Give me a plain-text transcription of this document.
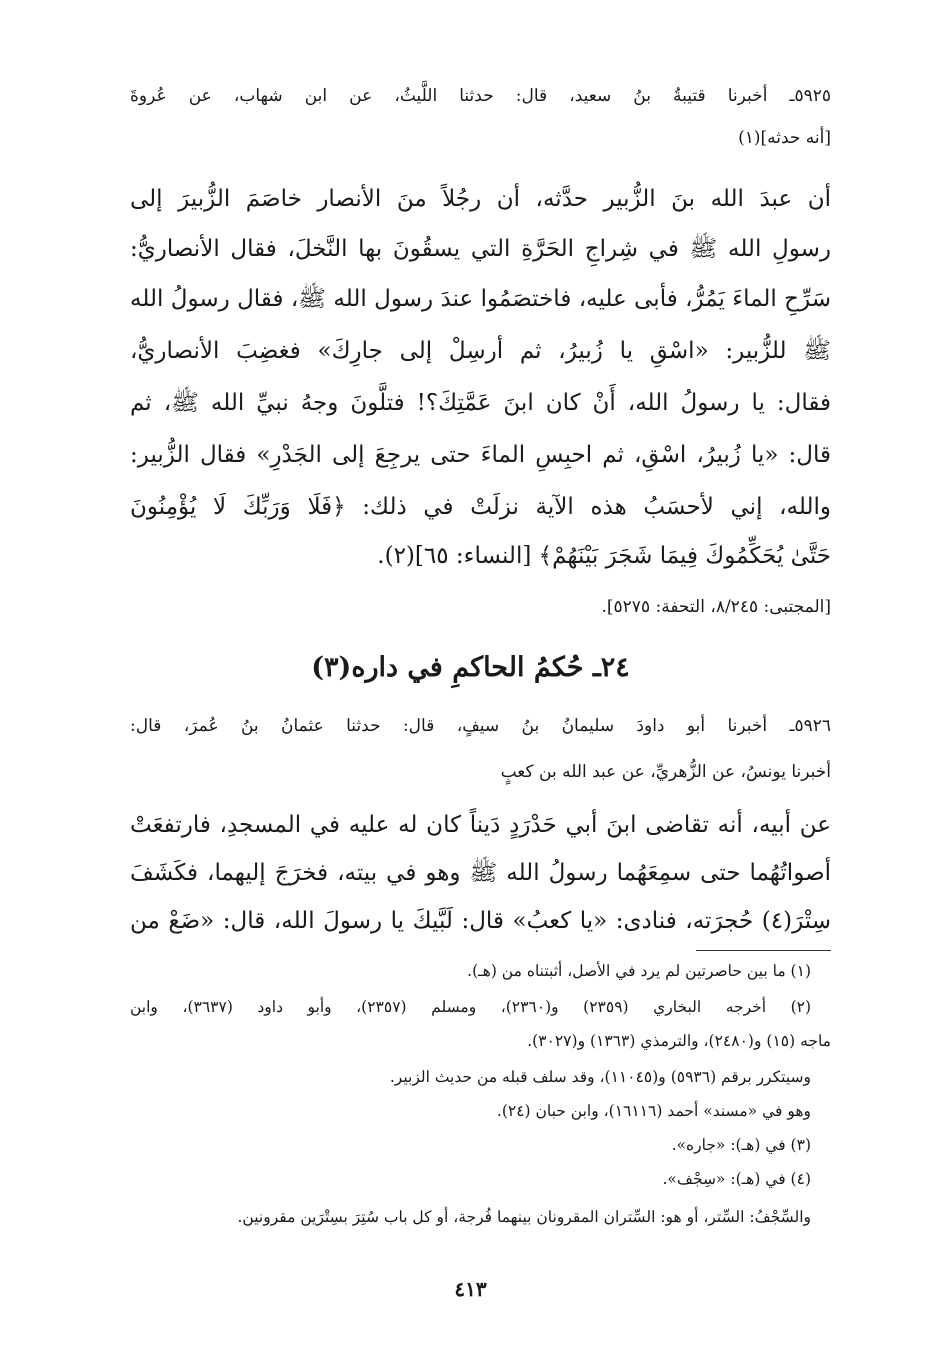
٥٩٢٥ـ أخبرنا قتيبةُ بنُ سعيد، قال: حدثنا اللَّيثُ، عن ابن شهاب، عن عُروةَ
[أنه حدثه](١)
أن عبدَ الله بنَ الزُّبير حدَّثه، أن رجُلاً منَ الأنصار خاصَمَ الزُّبيرَ إلى
رسولِ الله ﷺ في شِراجِ الحَرَّةِ التي يسقُونَ بها النَّخلَ، فقال الأنصاريُّ:
سَرِّحِ الماءَ يَمُرُّ، فأبى عليه، فاختصَمُوا عندَ رسول الله ﷺ، فقال رسولُ الله
ﷺ للزُّبير: «اسْقِ يا زُبيرُ، ثم أرسِلْ إلى جارِكَ» فغضِبَ الأنصاريُّ،
فقال: يا رسولُ الله، أَنْ كان ابنَ عَمَّتِكَ؟! فتلَّونَ وجهُ نبيِّ الله ﷺ، ثم
قال: «يا زُبيرُ، اسْقِ، ثم احبِسِ الماءَ حتى يرجِعَ إلى الجَدْرِ» فقال الزُّبير:
والله، إني لأحسَبُ هذه الآية نزلَتْ في ذلك: ﴿فَلَا وَرَبِّكَ لَا يُؤْمِنُونَ
حَتَّىٰ يُحَكِّمُوكَ فِيمَا شَجَرَ بَيْنَهُمْ﴾ [النساء: ٦٥](٢).
[المجتبى: ٨/٢٤٥، التحفة: ٥٢٧٥].
٢٤ـ حُكمُ الحاكمِ في داره(٣)
٥٩٢٦ـ أخبرنا أبو داودَ سليمانُ بنُ سيفٍ، قال: حدثنا عثمانُ بنُ عُمرَ، قال:
أخبرنا يونسُ، عن الزُّهريِّ، عن عبد الله بن كعبٍ
عن أبيه، أنه تقاضى ابنَ أبي حَدْرَدٍ دَيناً كان له عليه في المسجدِ، فارتفعَتْ
أصواتُهُما حتى سمِعَهُما رسولُ الله ﷺ وهو في بيته، فخرَجَ إليهما، فكَشَفَ
سِتْرَ(٤) حُجرَته، فنادى: «يا كعبُ» قال: لَبَّيكَ يا رسولَ الله، قال: «ضَعْ من
(١) ما بين حاصرتين لم يرد في الأصل، أثبتناه من (هـ).
(٢) أخرجه البخاري (٢٣٥٩) و(٢٣٦٠)، ومسلم (٢٣٥٧)، وأبو داود (٣٦٣٧)، وابن
ماجه (١٥) و(٢٤٨٠)، والترمذي (١٣٦٣) و(٣٠٢٧).
وسيتكرر برقم (٥٩٣٦) و(١١٠٤٥)، وقد سلف قبله من حديث الزبير.
وهو في «مسند» أحمد (١٦١١٦)، وابن حبان (٢٤).
(٣) في (هـ): «جاره».
(٤) في (هـ): «سِجْف».
والسِّجْفُ: السِّتر، أو هو: السِّتران المقرونان بينهما فُرجة، أو كل باب سُتِرَ بسِتْرَين مقرونين.
٤١٣
